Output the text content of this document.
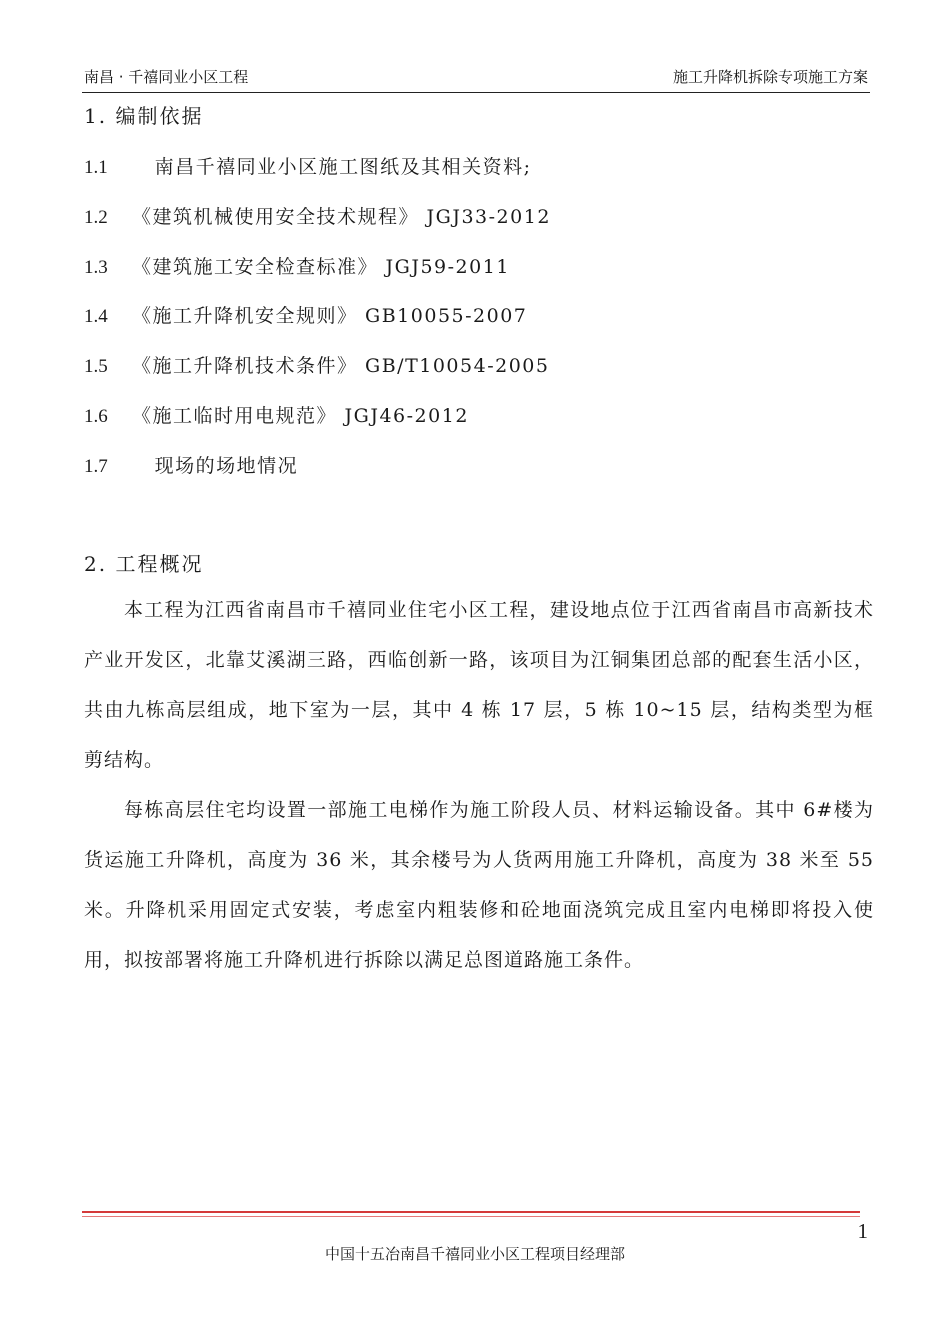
南昌 · 千禧同业小区工程	施工升降机拆除专项施工方案
1. 编制依据
1.1   南昌千禧同业小区施工图纸及其相关资料;
1.2 《建筑机械使用安全技术规程》 JGJ33-2012
1.3 《建筑施工安全检查标准》 JGJ59-2011
1.4 《施工升降机安全规则》 GB10055-2007
1.5 《施工升降机技术条件》 GB/T10054-2005
1.6 《施工临时用电规范》 JGJ46-2012
1.7   现场的场地情况
2. 工程概况

本工程为江西省南昌市千禧同业住宅小区工程，建设地点位于江西省南昌市高新技术产业开发区，北靠艾溪湖三路，西临创新一路，该项目为江铜集团总部的配套生活小区，共由九栋高层组成，地下室为一层，其中 4 栋 17 层，5 栋 10~15 层，结构类型为框剪结构。

每栋高层住宅均设置一部施工电梯作为施工阶段人员、材料运输设备。其中 6#楼为货运施工升降机，高度为 36 米，其余楼号为人货两用施工升降机，高度为 38 米至 55 米。升降机采用固定式安装，考虑室内粗装修和砼地面浇筑完成且室内电梯即将投入使用，拟按部署将施工升降机进行拆除以满足总图道路施工条件。

1
中国十五冶南昌千禧同业小区工程项目经理部
